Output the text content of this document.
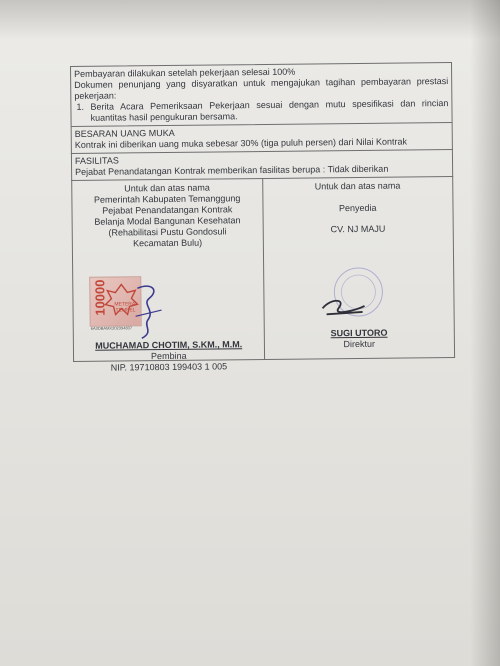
Pembayaran dilakukan setelah pekerjaan selesai 100%
Dokumen penunjang yang disyaratkan untuk mengajukan tagihan pembayaran prestasi pekerjaan:
1. Berita Acara Pemeriksaan Pekerjaan sesuai dengan mutu spesifikasi dan rincian kuantitas hasil pengukuran bersama.
BESARAN UANG MUKA
Kontrak ini diberikan uang muka sebesar 30% (tiga puluh persen) dari Nilai Kontrak
FASILITAS
Pejabat Penandatangan Kontrak memberikan fasilitas berupa : Tidak diberikan

Untuk dan atas nama

Pemerintah Kabupaten Temanggung

Pejabat Penandatangan Kontrak

Belanja Modal Bangunan Kesehatan

(Rehabilitasi Pustu Gondosuli

Kecamatan Bulu)

10000	METERAI TEMPEL
6A3DBAMX202394837

MUCHAMAD CHOTIM, S.KM., M.M.

Pembina

NIP. 19710803 199403 1 005

Untuk dan atas nama

Penyedia

CV. NJ MAJU

SUGI UTORO

Direktur
